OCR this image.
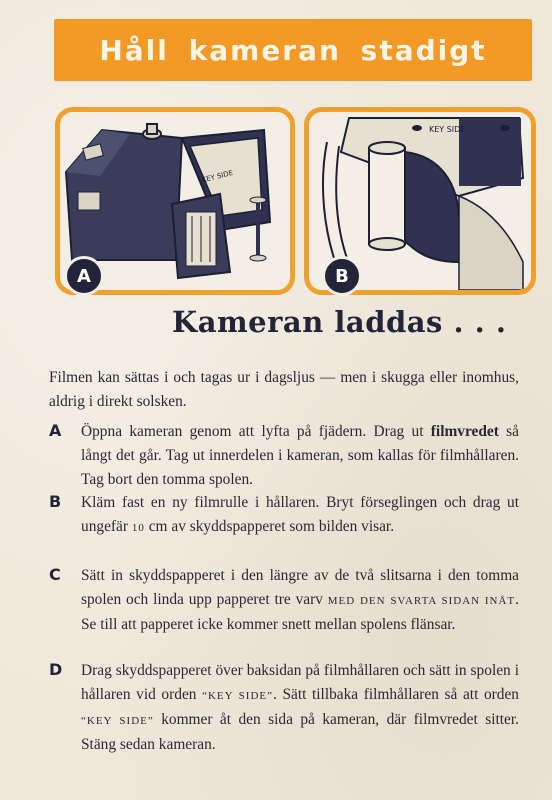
Håll kameran stadigt
KEY SIDE
A
KEY SIDE
B
Kameran laddas . . .
Filmen kan sättas i och tagas ur i dagsljus — men i skugga eller inomhus, aldrig i direkt solsken.
A Öppna kameran genom att lyfta på fjädern. Drag ut filmvredet så långt det går. Tag ut innerdelen i kameran, som kallas för filmhållaren. Tag bort den tomma spolen.
B Kläm fast en ny filmrulle i hållaren. Bryt förseglingen och drag ut ungefär 10 cm av skyddspapperet som bilden visar.
C Sätt in skyddspapperet i den längre av de två slitsarna i den tomma spolen och linda upp papperet tre varv MED DEN SVARTA SIDAN INÅT. Se till att papperet icke kommer snett mellan spolens flänsar.
D Drag skyddspapperet över baksidan på filmhållaren och sätt in spolen i hållaren vid orden “KEY SIDE”. Sätt tillbaka filmhållaren så att orden “KEY SIDE” kommer åt den sida på kameran, där filmvredet sitter. Stäng sedan kameran.
